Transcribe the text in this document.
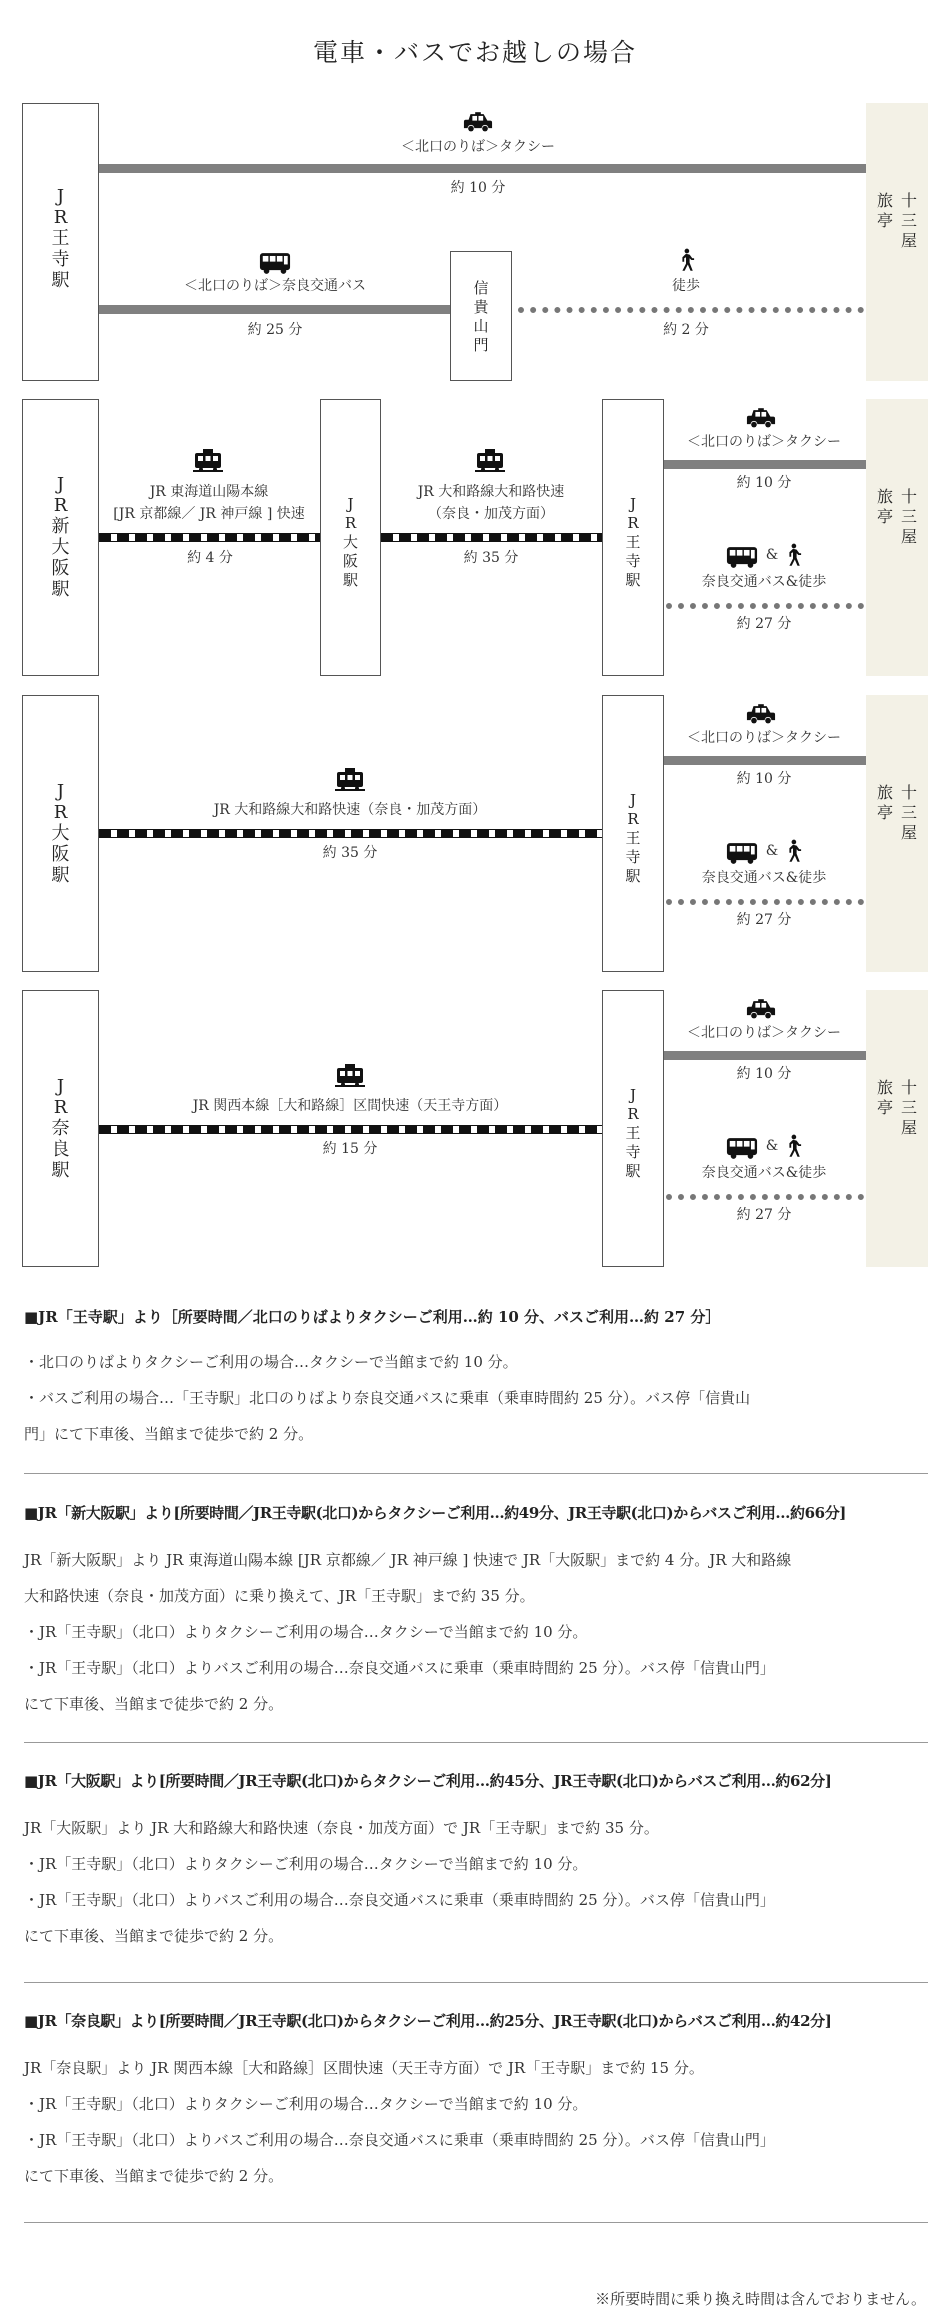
電車・バスでお越しの場合
J
R
王
寺
駅
＜北口のりば＞タクシー
約 10 分
＜北口のりば＞奈良交通バス
約 25 分
信
貴
山
門
徒歩
約 2 分
旅亭
十三屋
J
R
新
大
阪
駅
JR 東海道山陽本線
[JR 京都線／ JR 神戸線 ] 快速
約 4 分
J
R
大
阪
駅
JR 大和路線大和路快速
（奈良・加茂方面）
約 35 分
J
R
王
寺
駅
＜北口のりば＞タクシー
約 10 分
&
奈良交通バス&徒歩
約 27 分
旅亭
十三屋
J
R
大
阪
駅
JR 大和路線大和路快速（奈良・加茂方面）
約 35 分
J
R
王
寺
駅
＜北口のりば＞タクシー
約 10 分
&
奈良交通バス&徒歩
約 27 分
旅亭
十三屋
J
R
奈
良
駅
JR 関西本線［大和路線］区間快速（天王寺方面）
約 15 分
J
R
王
寺
駅
＜北口のりば＞タクシー
約 10 分
&
奈良交通バス&徒歩
約 27 分
旅亭
十三屋
■JR「王寺駅」より［所要時間／北口のりばよりタクシーご利用…約 10 分、バスご利用…約 27 分］
・北口のりばよりタクシーご利用の場合…タクシーで当館まで約 10 分。
・バスご利用の場合…「王寺駅」北口のりばより奈良交通バスに乗車（乗車時間約 25 分）。バス停「信貴山
門」にて下車後、当館まで徒歩で約 2 分。
■JR「新大阪駅」より[所要時間／JR王寺駅(北口)からタクシーご利用…約49分、JR王寺駅(北口)からバスご利用…約66分]
JR「新大阪駅」より JR 東海道山陽本線 [JR 京都線／ JR 神戸線 ] 快速で JR「大阪駅」まで約 4 分。JR 大和路線
大和路快速（奈良・加茂方面）に乗り換えて、JR「王寺駅」まで約 35 分。
・JR「王寺駅」（北口）よりタクシーご利用の場合…タクシーで当館まで約 10 分。
・JR「王寺駅」（北口）よりバスご利用の場合…奈良交通バスに乗車（乗車時間約 25 分）。バス停「信貴山門」
にて下車後、当館まで徒歩で約 2 分。
■JR「大阪駅」より[所要時間／JR王寺駅(北口)からタクシーご利用…約45分、JR王寺駅(北口)からバスご利用…約62分]
JR「大阪駅」より JR 大和路線大和路快速（奈良・加茂方面）で JR「王寺駅」まで約 35 分。
・JR「王寺駅」（北口）よりタクシーご利用の場合…タクシーで当館まで約 10 分。
・JR「王寺駅」（北口）よりバスご利用の場合…奈良交通バスに乗車（乗車時間約 25 分）。バス停「信貴山門」
にて下車後、当館まで徒歩で約 2 分。
■JR「奈良駅」より[所要時間／JR王寺駅(北口)からタクシーご利用…約25分、JR王寺駅(北口)からバスご利用…約42分]
JR「奈良駅」より JR 関西本線［大和路線］区間快速（天王寺方面）で JR「王寺駅」まで約 15 分。
・JR「王寺駅」（北口）よりタクシーご利用の場合…タクシーで当館まで約 10 分。
・JR「王寺駅」（北口）よりバスご利用の場合…奈良交通バスに乗車（乗車時間約 25 分）。バス停「信貴山門」
にて下車後、当館まで徒歩で約 2 分。
※所要時間に乗り換え時間は含んでおりません。
